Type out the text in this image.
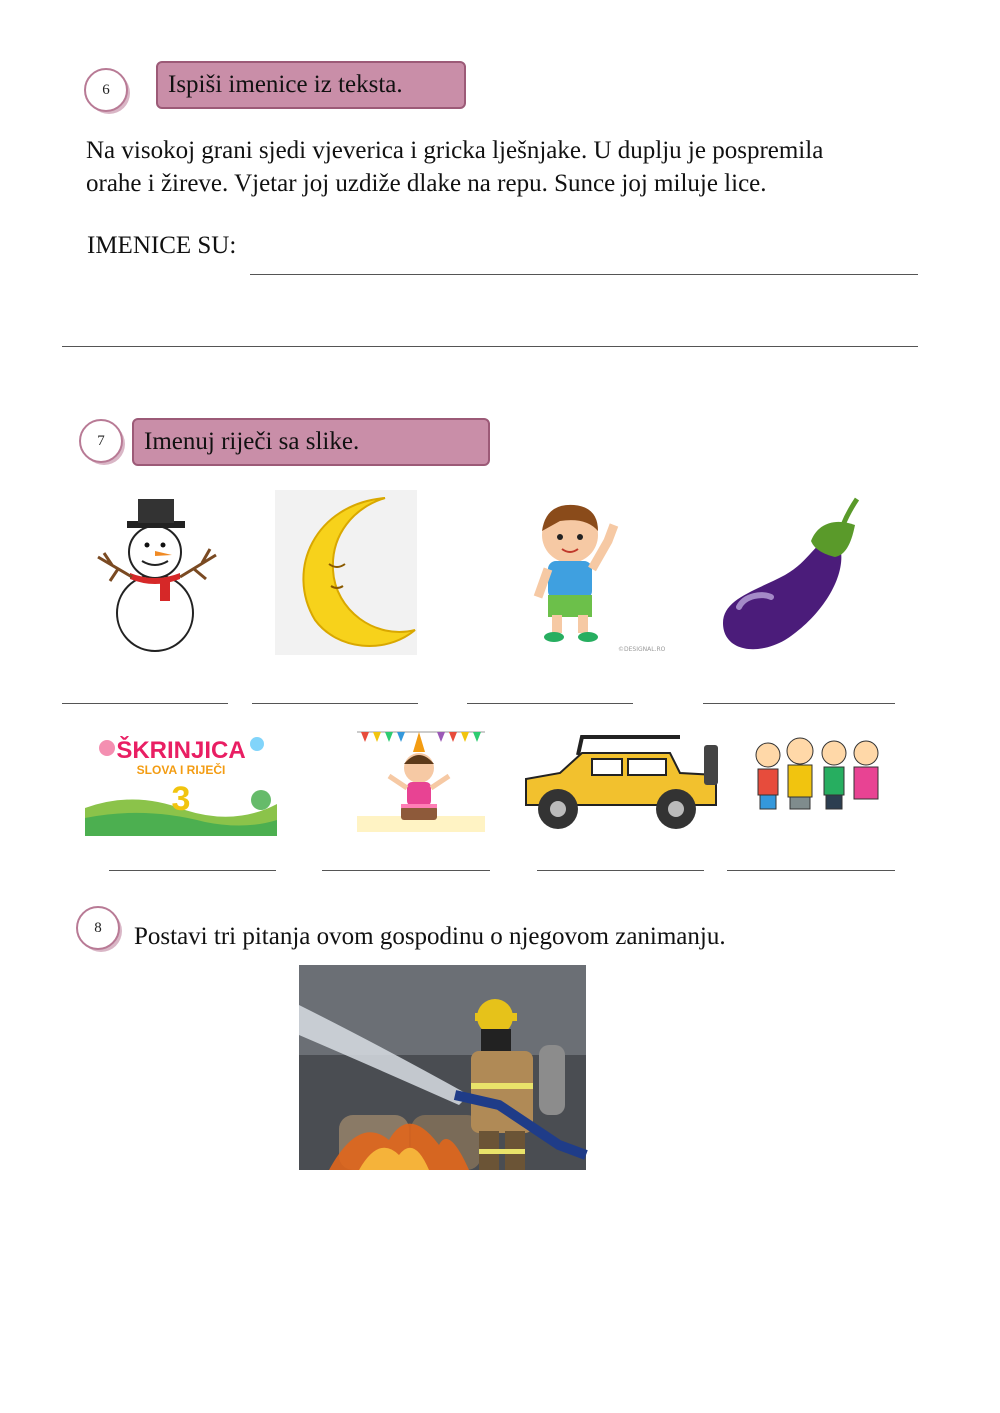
6	Ispiši imenice iz teksta.
Na visokoj grani sjedi vjeverica i gricka lješnjake. U duplju je pospremila
orahe i žireve. Vjetar joj uzdiže dlake na repu. Sunce joj miluje lice.
IMENICE SU:
7	Imenuj riječi sa slike.
©DESIGNAL.RO
ŠKRINJICA
SLOVA I RIJEČI
3
8	Postavi tri pitanja ovom gospodinu o njegovom zanimanju.
